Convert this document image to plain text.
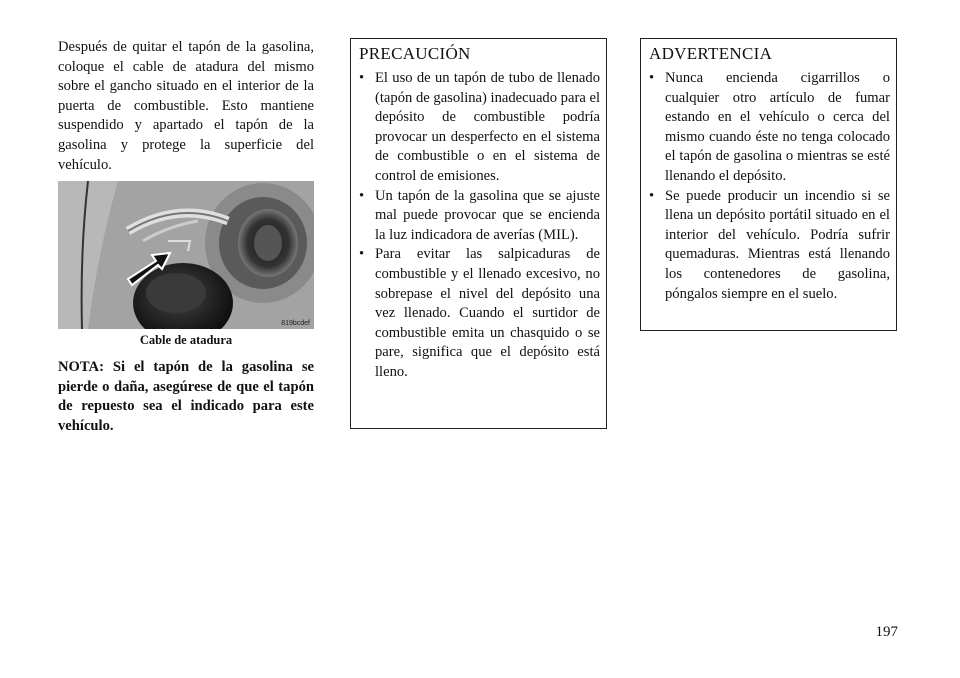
Después de quitar el tapón de la gasolina, coloque el cable de atadura del mismo sobre el gancho situado en el interior de la puerta de combustible. Esto mantiene suspendido y apartado el tapón de la gasolina y protege la superficie del vehículo.

819bcdef
Cable de atadura
NOTA: Si el tapón de la gasolina se pierde o daña, asegúrese de que el tapón de repuesto sea el indicado para este vehículo.
PRECAUCIÓN
• El uso de un tapón de tubo de llenado (tapón de gasolina) inadecuado para el depósito de combustible podría provocar un desperfecto en el sistema de combustible o en el sistema de control de emisiones.
• Un tapón de la gasolina que se ajuste mal puede provocar que se encienda la luz indicadora de averías (MIL).
• Para evitar las salpicaduras de combustible y el llenado excesivo, no sobrepase el nivel del depósito una vez llenado. Cuando el surtidor de combustible emita un chasquido o se pare, significa que el depósito está lleno.
ADVERTENCIA
• Nunca encienda cigarrillos o cualquier otro artículo de fumar estando en el vehículo o cerca del mismo cuando éste no tenga colocado el tapón de gasolina o mientras se esté llenando el depósito.
• Se puede producir un incendio si se llena un depósito portátil situado en el interior del vehículo. Podría sufrir quemaduras. Mientras está llenando los contenedores de gasolina, póngalos siempre en el suelo.
197
